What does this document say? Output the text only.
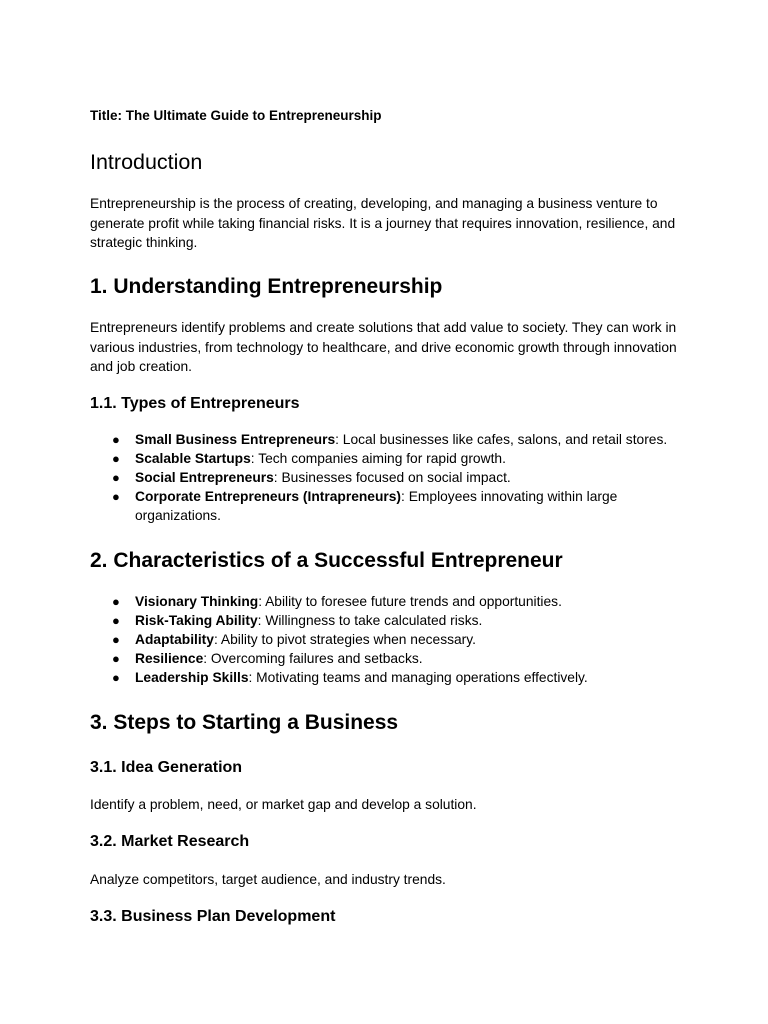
Title: The Ultimate Guide to Entrepreneurship

Introduction

Entrepreneurship is the process of creating, developing, and managing a business venture to generate profit while taking financial risks. It is a journey that requires innovation, resilience, and strategic thinking.

1. Understanding Entrepreneurship

Entrepreneurs identify problems and create solutions that add value to society. They can work in various industries, from technology to healthcare, and drive economic growth through innovation and job creation.

1.1. Types of Entrepreneurs
● Small Business Entrepreneurs: Local businesses like cafes, salons, and retail stores.
● Scalable Startups: Tech companies aiming for rapid growth.
● Social Entrepreneurs: Businesses focused on social impact.
● Corporate Entrepreneurs (Intrapreneurs): Employees innovating within large organizations.
2. Characteristics of a Successful Entrepreneur
● Visionary Thinking: Ability to foresee future trends and opportunities.
● Risk-Taking Ability: Willingness to take calculated risks.
● Adaptability: Ability to pivot strategies when necessary.
● Resilience: Overcoming failures and setbacks.
● Leadership Skills: Motivating teams and managing operations effectively.
3. Steps to Starting a Business
3.1. Idea Generation

Identify a problem, need, or market gap and develop a solution.

3.2. Market Research

Analyze competitors, target audience, and industry trends.

3.3. Business Plan Development
